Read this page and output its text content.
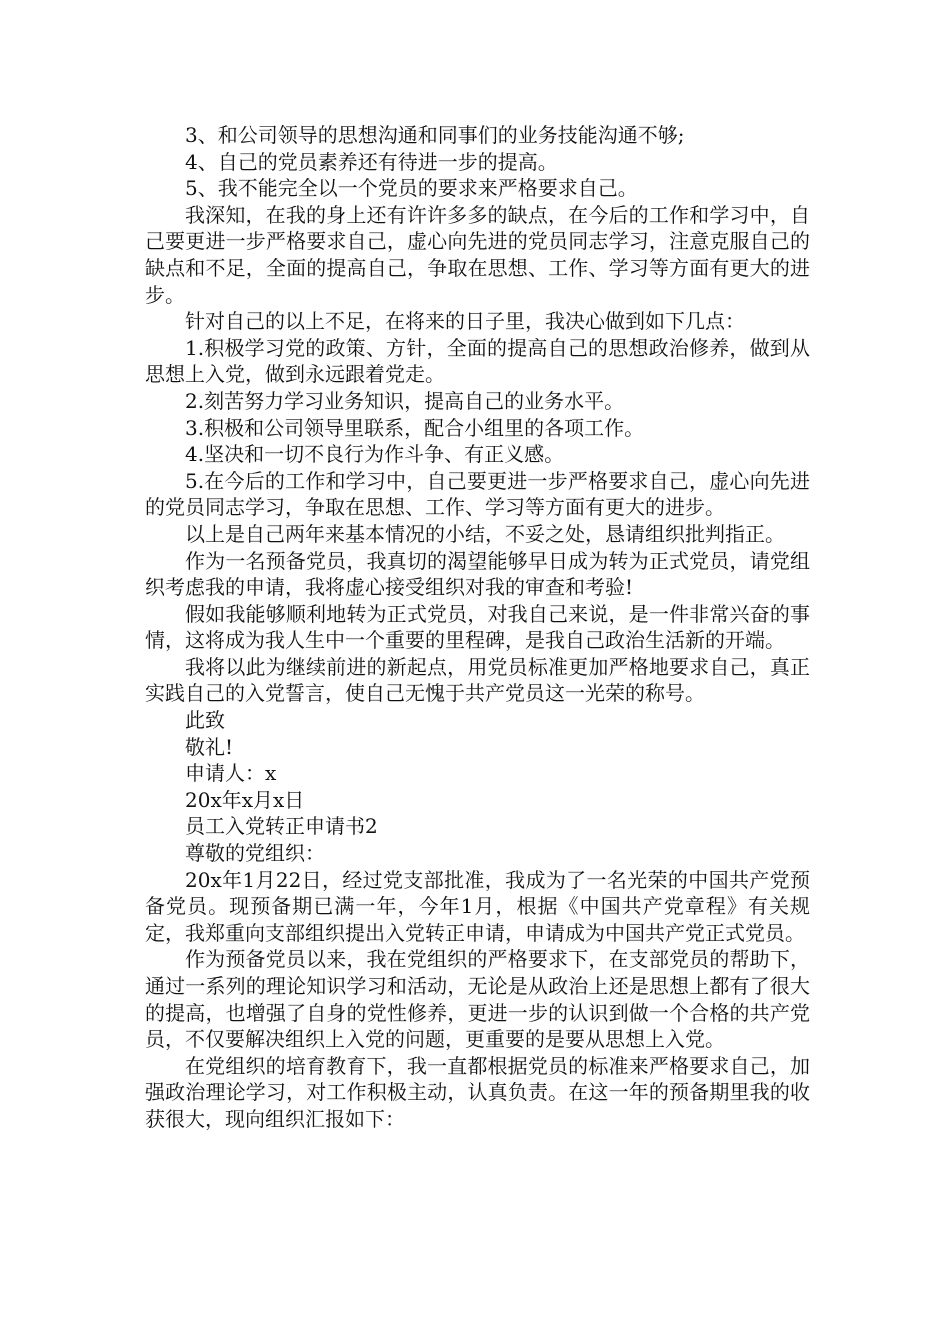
3、和公司领导的思想沟通和同事们的业务技能沟通不够;

4、自己的党员素养还有待进一步的提高。

5、我不能完全以一个党员的要求来严格要求自己。

我深知，在我的身上还有许许多多的缺点，在今后的工作和学习中，自己要更进一步严格要求自己，虚心向先进的党员同志学习，注意克服自己的缺点和不足，全面的提高自己，争取在思想、工作、学习等方面有更大的进步。

针对自己的以上不足，在将来的日子里，我决心做到如下几点：

1.积极学习党的政策、方针，全面的提高自己的思想政治修养，做到从思想上入党，做到永远跟着党走。

2.刻苦努力学习业务知识，提高自己的业务水平。

3.积极和公司领导里联系，配合小组里的各项工作。

4.坚决和一切不良行为作斗争、有正义感。

5.在今后的工作和学习中，自己要更进一步严格要求自己，虚心向先进的党员同志学习，争取在思想、工作、学习等方面有更大的进步。

以上是自己两年来基本情况的小结，不妥之处，恳请组织批判指正。

作为一名预备党员，我真切的渴望能够早日成为转为正式党员，请党组织考虑我的申请，我将虚心接受组织对我的审查和考验!

假如我能够顺利地转为正式党员，对我自己来说，是一件非常兴奋的事情，这将成为我人生中一个重要的里程碑，是我自己政治生活新的开端。

我将以此为继续前进的新起点，用党员标准更加严格地要求自己，真正实践自己的入党誓言，使自己无愧于共产党员这一光荣的称号。

此致

敬礼!

申请人：x

20x年x月x日

员工入党转正申请书2

尊敬的党组织：

20x年1月22日，经过党支部批准，我成为了一名光荣的中国共产党预备党员。现预备期已满一年，今年1月，根据《中国共产党章程》有关规定，我郑重向支部组织提出入党转正申请，申请成为中国共产党正式党员。

作为预备党员以来，我在党组织的严格要求下，在支部党员的帮助下，通过一系列的理论知识学习和活动，无论是从政治上还是思想上都有了很大的提高，也增强了自身的党性修养，更进一步的认识到做一个合格的共产党员，不仅要解决组织上入党的问题，更重要的是要从思想上入党。

在党组织的培育教育下，我一直都根据党员的标准来严格要求自己，加强政治理论学习，对工作积极主动，认真负责。在这一年的预备期里我的收获很大，现向组织汇报如下：
